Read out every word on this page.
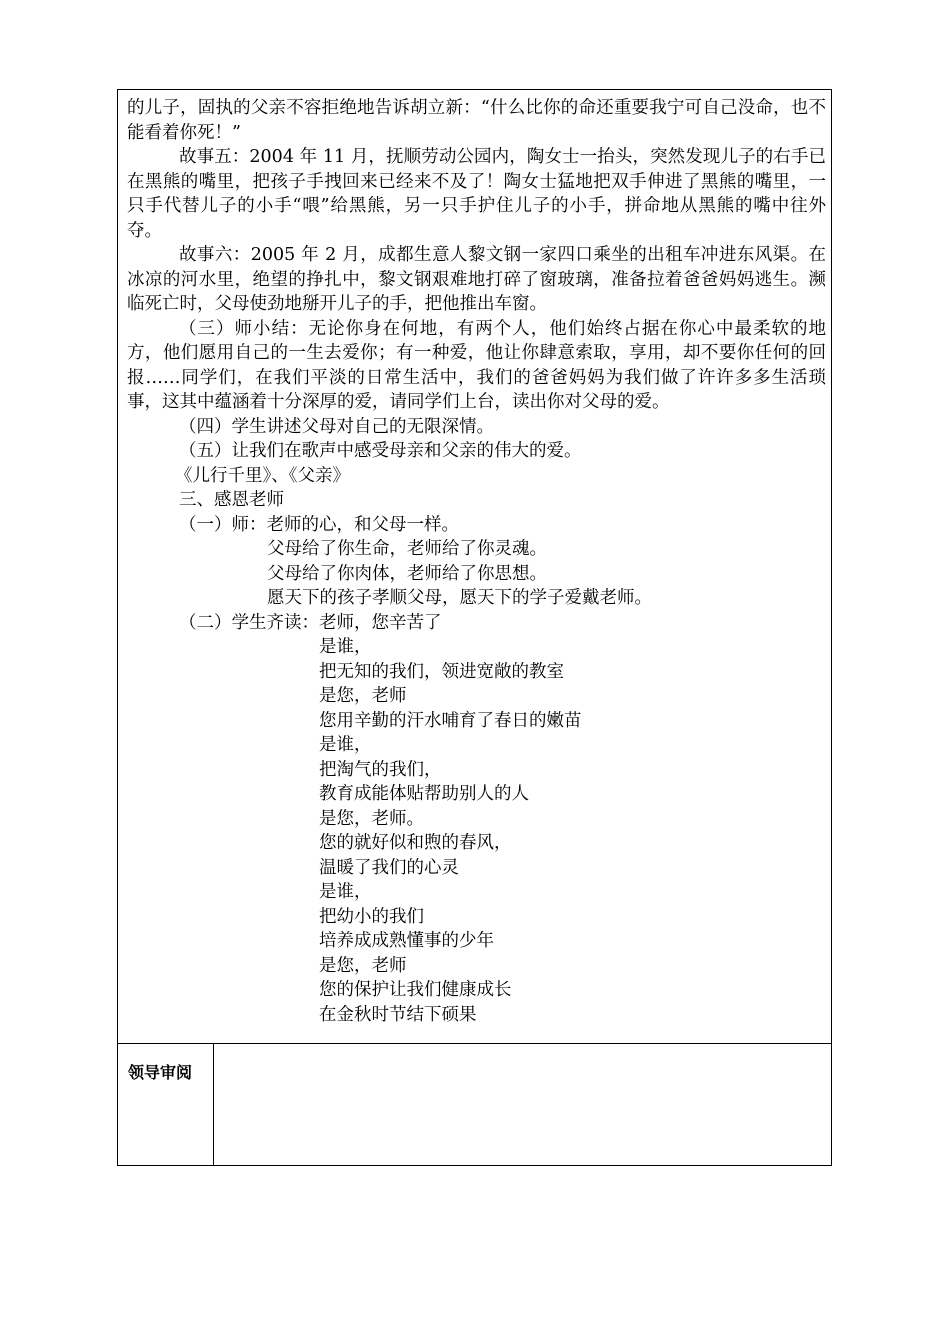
的儿子，固执的父亲不容拒绝地告诉胡立新：“什么比你的命还重要我宁可自己没命，也不能看着你死！”

故事五：2004 年 11 月，抚顺劳动公园内，陶女士一抬头，突然发现儿子的右手已在黑熊的嘴里，把孩子手拽回来已经来不及了！陶女士猛地把双手伸进了黑熊的嘴里，一只手代替儿子的小手“喂”给黑熊，另一只手护住儿子的小手，拼命地从黑熊的嘴中往外夺。

故事六：2005 年 2 月，成都生意人黎文钢一家四口乘坐的出租车冲进东风渠。在冰凉的河水里，绝望的挣扎中，黎文钢艰难地打碎了窗玻璃，准备拉着爸爸妈妈逃生。濒临死亡时，父母使劲地掰开儿子的手，把他推出车窗。

（三）师小结：无论你身在何地，有两个人，他们始终占据在你心中最柔软的地方，他们愿用自己的一生去爱你；有一种爱，他让你肆意索取，享用，却不要你任何的回报……同学们，在我们平淡的日常生活中，我们的爸爸妈妈为我们做了许许多多生活琐事，这其中蕴涵着十分深厚的爱，请同学们上台，读出你对父母的爱。

（四）学生讲述父母对自己的无限深情。

（五）让我们在歌声中感受母亲和父亲的伟大的爱。

《儿行千里》、《父亲》

三、感恩老师

（一）师：老师的心，和父母一样。

父母给了你生命，老师给了你灵魂。

父母给了你肉体，老师给了你思想。

愿天下的孩子孝顺父母，愿天下的学子爱戴老师。

（二）学生齐读：老师，您辛苦了

是谁，

把无知的我们，领进宽敞的教室

是您，老师

您用辛勤的汗水哺育了春日的嫩苗

是谁，

把淘气的我们，

教育成能体贴帮助别人的人

是您，老师。

您的就好似和煦的春风，

温暖了我们的心灵

是谁，

把幼小的我们

培养成成熟懂事的少年

是您，老师

您的保护让我们健康成长

在金秋时节结下硕果

领导审阅
